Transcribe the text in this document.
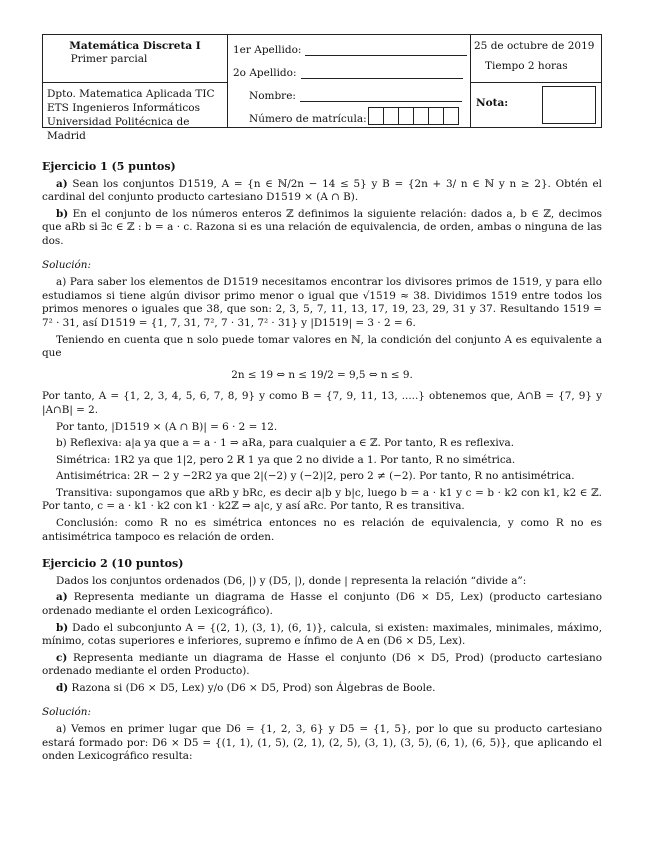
Matemática Discreta I
Primer parcial
Dpto. Matematica Aplicada TIC
ETS Ingenieros Informáticos
Universidad Politécnica de Madrid
1er Apellido:
2o Apellido:
Nombre:
Número de matrícula:
25 de octubre de 2019
Tiempo 2 horas
Nota:
Ejercicio 1 (5 puntos)

a) Sean los conjuntos D1519, A = {n ∈ ℕ/2n − 14 ≤ 5} y B = {2n + 3/ n ∈ ℕ y n ≥ 2}. Obtén el cardinal del conjunto producto cartesiano D1519 × (A ∩ B).

b) En el conjunto de los números enteros ℤ definimos la siguiente relación: dados a, b ∈ ℤ, decimos que aRb si ∃c ∈ ℤ : b = a · c. Razona si es una relación de equivalencia, de orden, ambas o ninguna de las dos.

Solución:

a) Para saber los elementos de D1519 necesitamos encontrar los divisores primos de 1519, y para ello estudiamos si tiene algún divisor primo menor o igual que √1519 ≈ 38. Dividimos 1519 entre todos los primos menores o iguales que 38, que son: 2, 3, 5, 7, 11, 13, 17, 19, 23, 29, 31 y 37. Resultando 1519 = 7² · 31, así D1519 = {1, 7, 31, 7², 7 · 31, 7² · 31} y |D1519| = 3 · 2 = 6.

Teniendo en cuenta que n solo puede tomar valores en ℕ, la condición del conjunto A es equivalente a que

2n ≤ 19 ⇔ n ≤ 19/2 = 9,5 ⇔ n ≤ 9.

Por tanto, A = {1, 2, 3, 4, 5, 6, 7, 8, 9} y como B = {7, 9, 11, 13, .....} obtenemos que, A∩B = {7, 9} y |A∩B| = 2.

Por tanto, |D1519 × (A ∩ B)| = 6 · 2 = 12.

b) Reflexiva: a|a ya que a = a · 1 ⇒ aRa, para cualquier a ∈ ℤ. Por tanto, R es reflexiva.

Simétrica: 1R2 ya que 1|2, pero 2 R̸ 1 ya que 2 no divide a 1. Por tanto, R no simétrica.

Antisimétrica: 2R − 2 y −2R2 ya que 2|(−2) y (−2)|2, pero 2 ≠ (−2). Por tanto, R no antisimétrica.

Transitiva: supongamos que aRb y bRc, es decir a|b y b|c, luego b = a · k1 y c = b · k2 con k1, k2 ∈ ℤ. Por tanto, c = a · k1 · k2 con k1 · k2ℤ ⇒ a|c, y así aRc. Por tanto, R es transitiva.

Conclusión: como R no es simétrica entonces no es relación de equivalencia, y como R no es antisimétrica tampoco es relación de orden.

Ejercicio 2 (10 puntos)

Dados los conjuntos ordenados (D6, |) y (D5, |), donde | representa la relación “divide a”:

a) Representa mediante un diagrama de Hasse el conjunto (D6 × D5, Lex) (producto cartesiano ordenado mediante el orden Lexicográfico).

b) Dado el subconjunto A = {(2, 1), (3, 1), (6, 1)}, calcula, si existen: maximales, minimales, máximo, mínimo, cotas superiores e inferiores, supremo e ínfimo de A en (D6 × D5, Lex).

c) Representa mediante un diagrama de Hasse el conjunto (D6 × D5, Prod) (producto cartesiano ordenado mediante el orden Producto).

d) Razona si (D6 × D5, Lex) y/o (D6 × D5, Prod) son Álgebras de Boole.

Solución:

a) Vemos en primer lugar que D6 = {1, 2, 3, 6} y D5 = {1, 5}, por lo que su producto cartesiano estará formado por: D6 × D5 = {(1, 1), (1, 5), (2, 1), (2, 5), (3, 1), (3, 5), (6, 1), (6, 5)}, que aplicando el onden Lexicográfico resulta:
